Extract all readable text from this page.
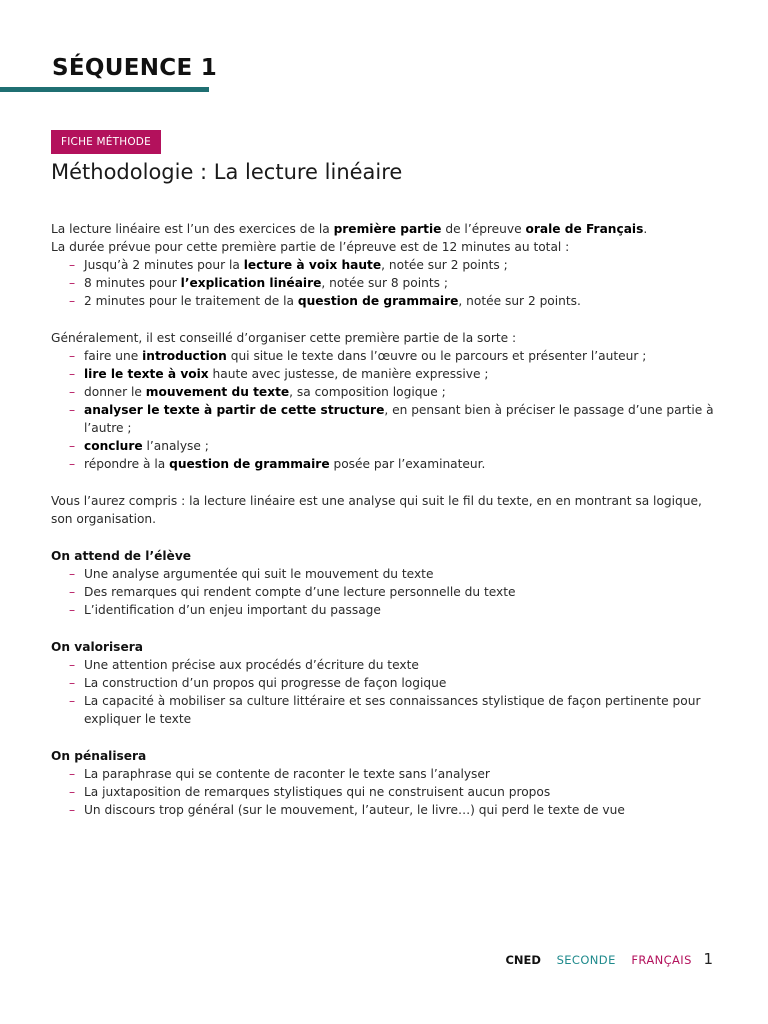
SÉQUENCE 1
FICHE MÉTHODE
Méthodologie : La lecture linéaire

La lecture linéaire est l’un des exercices de la première partie de l’épreuve orale de Français.

La durée prévue pour cette première partie de l’épreuve est de 12 minutes au total :

– Jusqu’à 2 minutes pour la lecture à voix haute, notée sur 2 points ;
– 8 minutes pour l’explication linéaire, notée sur 8 points ;
– 2 minutes pour le traitement de la question de grammaire, notée sur 2 points.

Généralement, il est conseillé d’organiser cette première partie de la sorte :

– faire une introduction qui situe le texte dans l’œuvre ou le parcours et présenter l’auteur ;
– lire le texte à voix haute avec justesse, de manière expressive ;
– donner le mouvement du texte, sa composition logique ;
– analyser le texte à partir de cette structure, en pensant bien à préciser le passage d’une partie à l’autre ;
– conclure l’analyse ;
– répondre à la question de grammaire posée par l’examinateur.

Vous l’aurez compris : la lecture linéaire est une analyse qui suit le fil du texte, en en montrant sa logique, son organisation.

On attend de l’élève

– Une analyse argumentée qui suit le mouvement du texte
– Des remarques qui rendent compte d’une lecture personnelle du texte
– L’identification d’un enjeu important du passage

On valorisera

– Une attention précise aux procédés d’écriture du texte
– La construction d’un propos qui progresse de façon logique
– La capacité à mobiliser sa culture littéraire et ses connaissances stylistique de façon pertinente pour expliquer le texte

On pénalisera

– La paraphrase qui se contente de raconter le texte sans l’analyser
– La juxtaposition de remarques stylistiques qui ne construisent aucun propos
– Un discours trop général (sur le mouvement, l’auteur, le livre…) qui perd le texte de vue
CNED SECONDE FRANÇAIS 1
